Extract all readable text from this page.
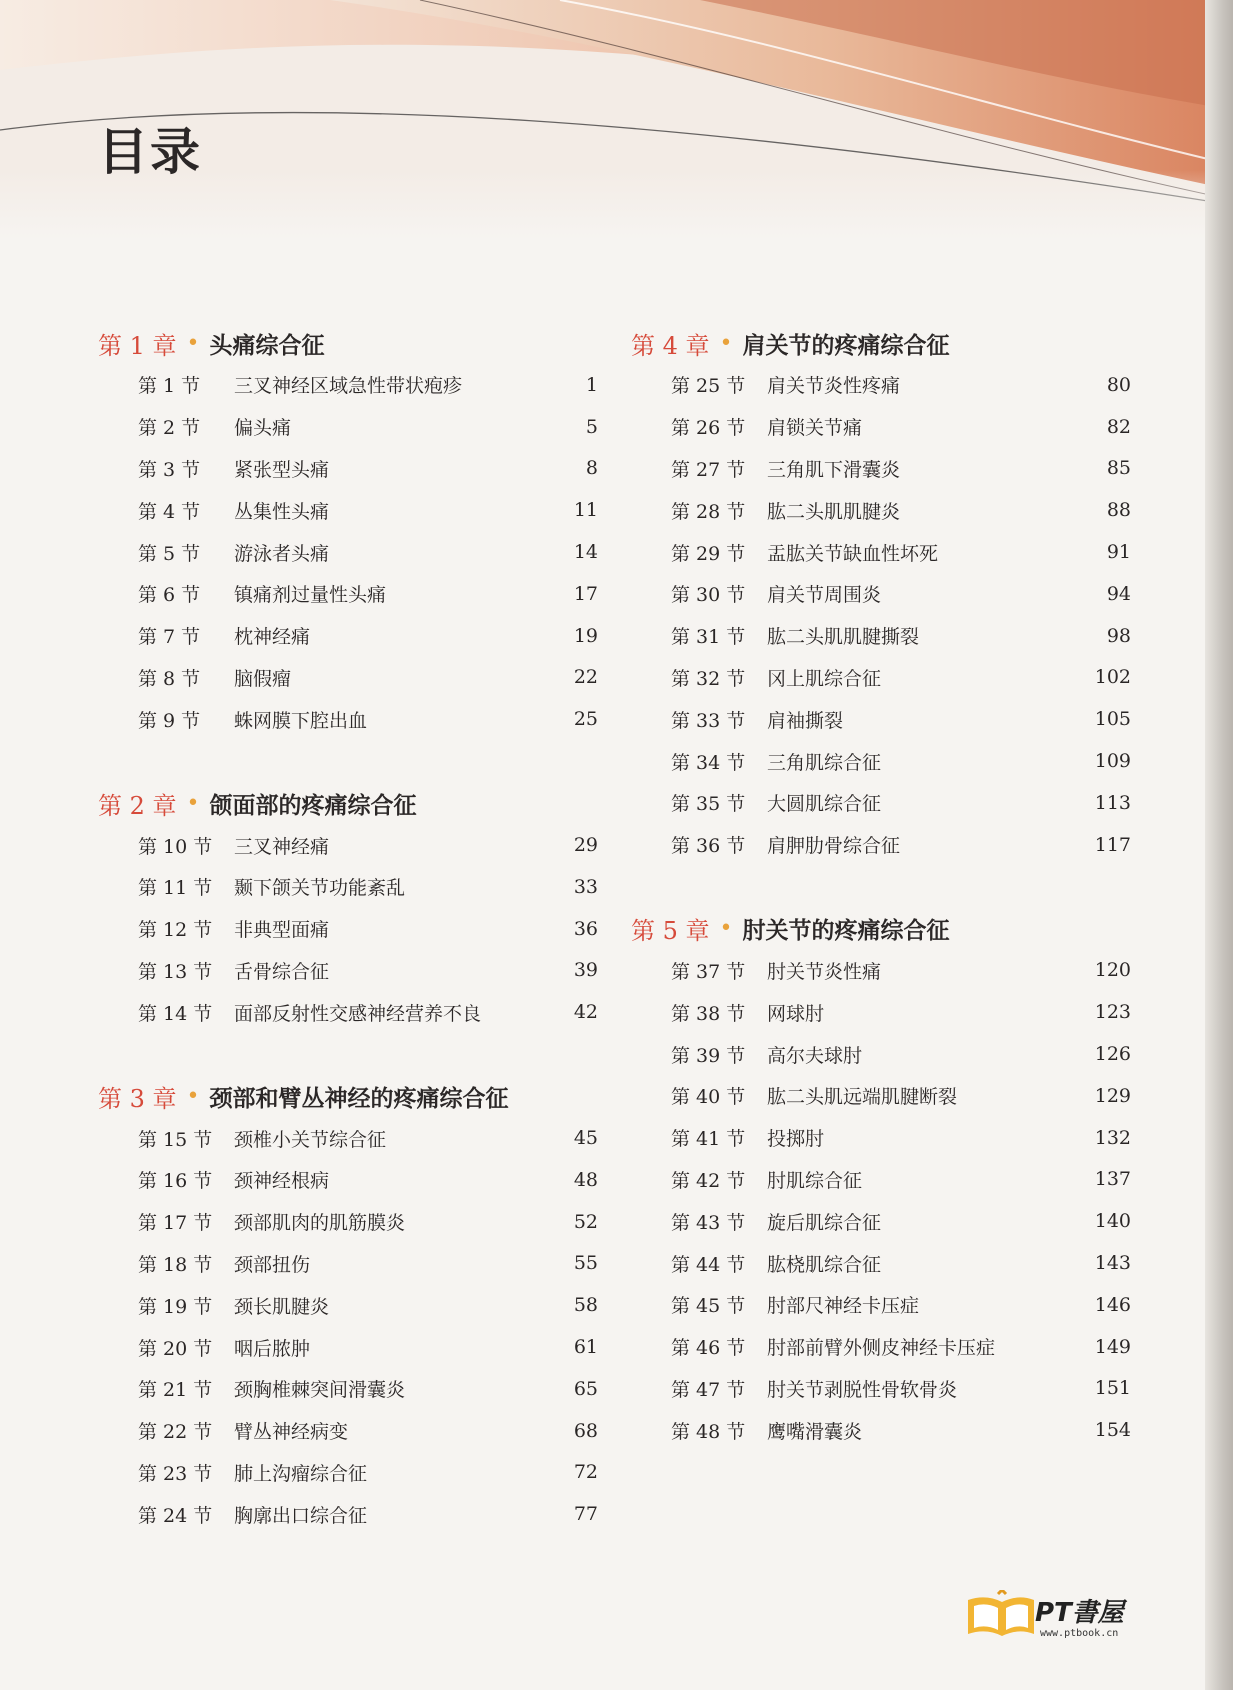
目录
第 1 章 • 头痛综合征
第 1 节	三叉神经区域急性带状疱疹	1
第 2 节	偏头痛	5
第 3 节	紧张型头痛	8
第 4 节	丛集性头痛	11
第 5 节	游泳者头痛	14
第 6 节	镇痛剂过量性头痛	17
第 7 节	枕神经痛	19
第 8 节	脑假瘤	22
第 9 节	蛛网膜下腔出血	25
第 2 章 • 颌面部的疼痛综合征
第 10 节	三叉神经痛	29
第 11 节	颞下颌关节功能紊乱	33
第 12 节	非典型面痛	36
第 13 节	舌骨综合征	39
第 14 节	面部反射性交感神经营养不良	42
第 3 章 • 颈部和臂丛神经的疼痛综合征
第 15 节	颈椎小关节综合征	45
第 16 节	颈神经根病	48
第 17 节	颈部肌肉的肌筋膜炎	52
第 18 节	颈部扭伤	55
第 19 节	颈长肌腱炎	58
第 20 节	咽后脓肿	61
第 21 节	颈胸椎棘突间滑囊炎	65
第 22 节	臂丛神经病变	68
第 23 节	肺上沟瘤综合征	72
第 24 节	胸廓出口综合征	77
第 4 章 • 肩关节的疼痛综合征
第 25 节	肩关节炎性疼痛	80
第 26 节	肩锁关节痛	82
第 27 节	三角肌下滑囊炎	85
第 28 节	肱二头肌肌腱炎	88
第 29 节	盂肱关节缺血性坏死	91
第 30 节	肩关节周围炎	94
第 31 节	肱二头肌肌腱撕裂	98
第 32 节	冈上肌综合征	102
第 33 节	肩袖撕裂	105
第 34 节	三角肌综合征	109
第 35 节	大圆肌综合征	113
第 36 节	肩胛肋骨综合征	117
第 5 章 • 肘关节的疼痛综合征
第 37 节	肘关节炎性痛	120
第 38 节	网球肘	123
第 39 节	高尔夫球肘	126
第 40 节	肱二头肌远端肌腱断裂	129
第 41 节	投掷肘	132
第 42 节	肘肌综合征	137
第 43 节	旋后肌综合征	140
第 44 节	肱桡肌综合征	143
第 45 节	肘部尺神经卡压症	146
第 46 节	肘部前臂外侧皮神经卡压症	149
第 47 节	肘关节剥脱性骨软骨炎	151
第 48 节	鹰嘴滑囊炎	154
PT書屋
www.ptbook.cn
